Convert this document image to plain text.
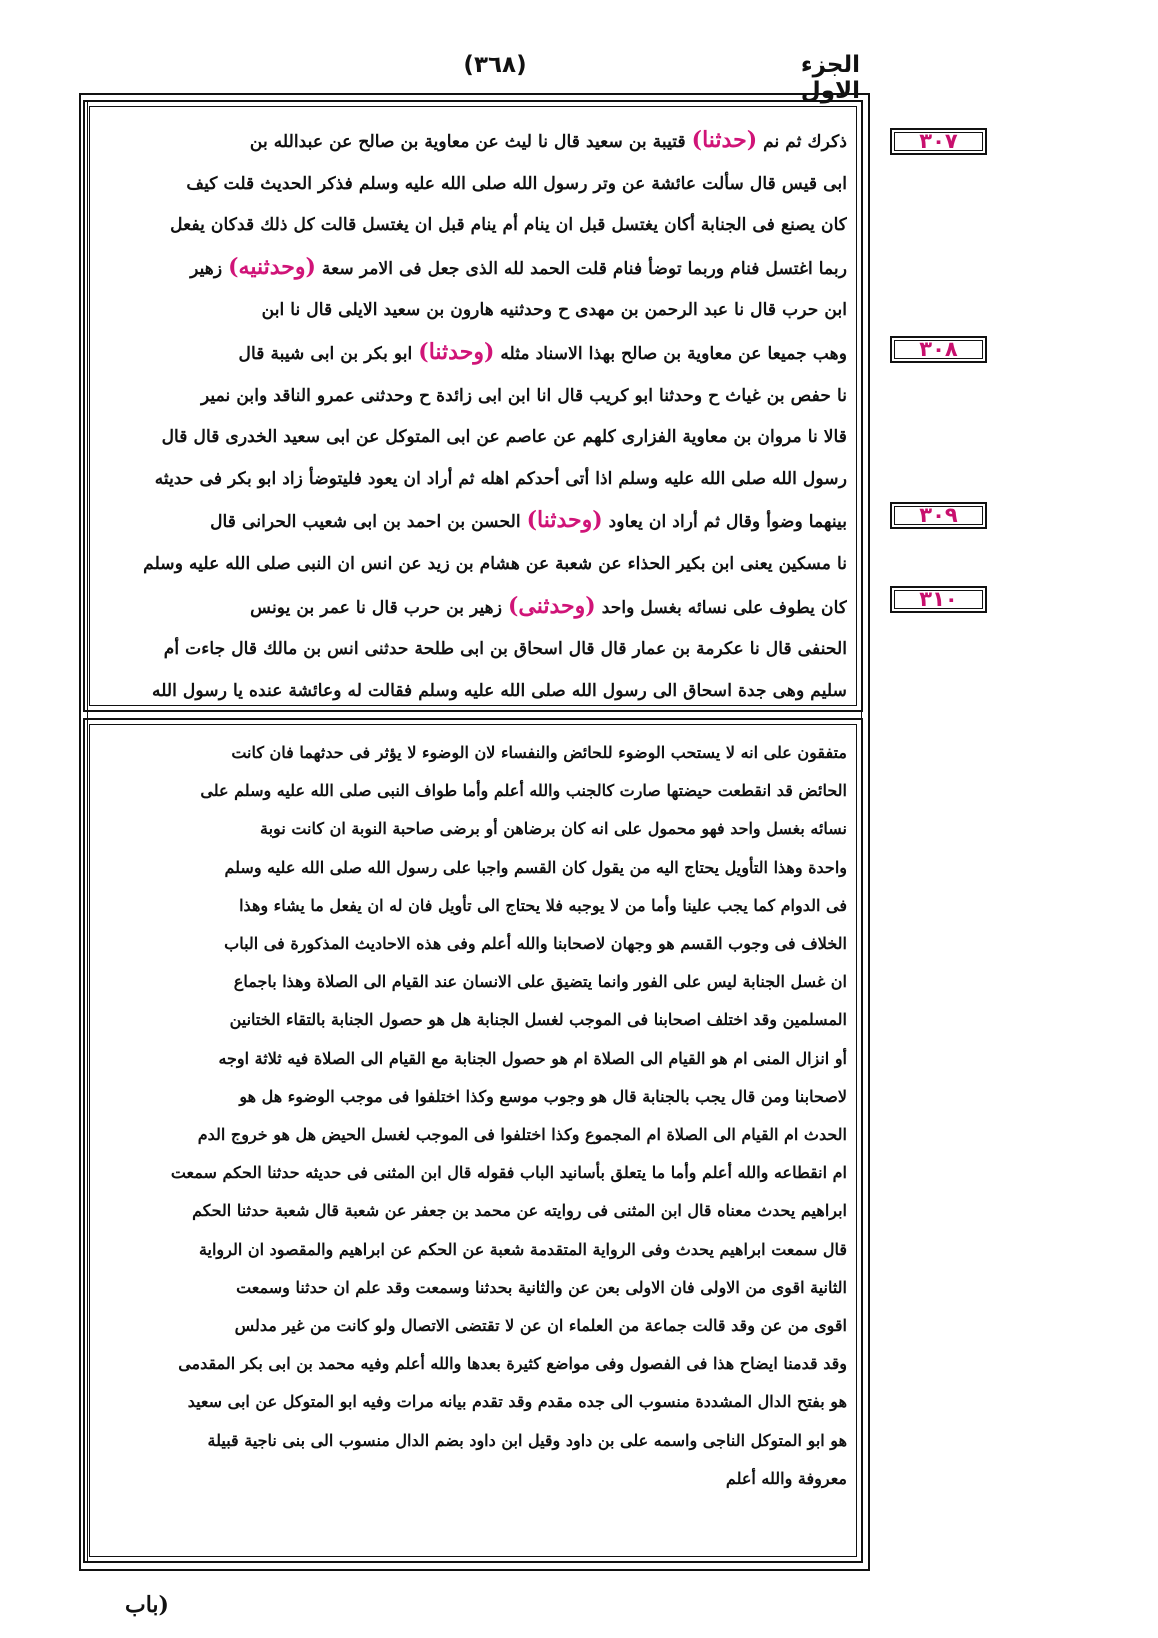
الجزء الاول
(٣٦٨)
ذكرك ثم نم (حدثنا) قتيبة بن سعيد قال نا ليث عن معاوية بن صالح عن عبدالله بن
ابى قيس قال سألت عائشة عن وتر رسول الله صلى الله عليه وسلم فذكر الحديث قلت كيف
كان يصنع فى الجنابة أكان يغتسل قبل ان ينام أم ينام قبل ان يغتسل قالت كل ذلك قدكان يفعل
ربما اغتسل فنام وربما توضأ فنام قلت الحمد لله الذى جعل فى الامر سعة (وحدثنيه) زهير
ابن حرب قال نا عبد الرحمن بن مهدى ح وحدثنيه هارون بن سعيد الايلى قال نا ابن
وهب جميعا عن معاوية بن صالح بهذا الاسناد مثله (وحدثنا) ابو بكر بن ابى شيبة قال
نا حفص بن غياث ح وحدثنا ابو كريب قال انا ابن ابى زائدة ح وحدثنى عمرو الناقد وابن نمير
قالا نا مروان بن معاوية الفزارى كلهم عن عاصم عن ابى المتوكل عن ابى سعيد الخدرى قال قال
رسول الله صلى الله عليه وسلم اذا أتى أحدكم اهله ثم أراد ان يعود فليتوضأ زاد ابو بكر فى حديثه
بينهما وضوأ وقال ثم أراد ان يعاود (وحدثنا) الحسن بن احمد بن ابى شعيب الحرانى قال
نا مسكين يعنى ابن بكير الحذاء عن شعبة عن هشام بن زيد عن انس ان النبى صلى الله عليه وسلم
كان يطوف على نسائه بغسل واحد (وحدثنى) زهير بن حرب قال نا عمر بن يونس
الحنفى قال نا عكرمة بن عمار قال قال اسحاق بن ابى طلحة حدثنى انس بن مالك قال جاءت أم
سليم وهى جدة اسحاق الى رسول الله صلى الله عليه وسلم فقالت له وعائشة عنده يا رسول الله
متفقون على انه لا يستحب الوضوء للحائض والنفساء لان الوضوء لا يؤثر فى حدثهما فان كانت
الحائض قد انقطعت حيضتها صارت كالجنب والله أعلم وأما طواف النبى صلى الله عليه وسلم على
نسائه بغسل واحد فهو محمول على انه كان برضاهن أو برضى صاحبة النوبة ان كانت نوبة
واحدة وهذا التأويل يحتاج اليه من يقول كان القسم واجبا على رسول الله صلى الله عليه وسلم
فى الدوام كما يجب علينا وأما من لا يوجبه فلا يحتاج الى تأويل فان له ان يفعل ما يشاء وهذا
الخلاف فى وجوب القسم هو وجهان لاصحابنا والله أعلم وفى هذه الاحاديث المذكورة فى الباب
ان غسل الجنابة ليس على الفور وانما يتضيق على الانسان عند القيام الى الصلاة وهذا باجماع
المسلمين وقد اختلف اصحابنا فى الموجب لغسل الجنابة هل هو حصول الجنابة بالتقاء الختانين
أو انزال المنى ام هو القيام الى الصلاة ام هو حصول الجنابة مع القيام الى الصلاة فيه ثلاثة اوجه
لاصحابنا ومن قال يجب بالجنابة قال هو وجوب موسع وكذا اختلفوا فى موجب الوضوء هل هو
الحدث ام القيام الى الصلاة ام المجموع وكذا اختلفوا فى الموجب لغسل الحيض هل هو خروج الدم
ام انقطاعه والله أعلم وأما ما يتعلق بأسانيد الباب فقوله قال ابن المثنى فى حديثه حدثنا الحكم سمعت
ابراهيم يحدث معناه قال ابن المثنى فى روايته عن محمد بن جعفر عن شعبة قال شعبة حدثنا الحكم
قال سمعت ابراهيم يحدث وفى الرواية المتقدمة شعبة عن الحكم عن ابراهيم والمقصود ان الرواية
الثانية اقوى من الاولى فان الاولى بعن عن والثانية بحدثنا وسمعت وقد علم ان حدثنا وسمعت
اقوى من عن وقد قالت جماعة من العلماء ان عن لا تقتضى الاتصال ولو كانت من غير مدلس
وقد قدمنا ايضاح هذا فى الفصول وفى مواضع كثيرة بعدها والله أعلم وفيه محمد بن ابى بكر المقدمى
هو بفتح الدال المشددة منسوب الى جده مقدم وقد تقدم بيانه مرات وفيه ابو المتوكل عن ابى سعيد
هو ابو المتوكل الناجى واسمه على بن داود وقيل ابن داود بضم الدال منسوب الى بنى ناجية قبيلة
معروفة والله أعلم
٣٠٧
٣٠٨
٣٠٩
٣١٠
(باب
